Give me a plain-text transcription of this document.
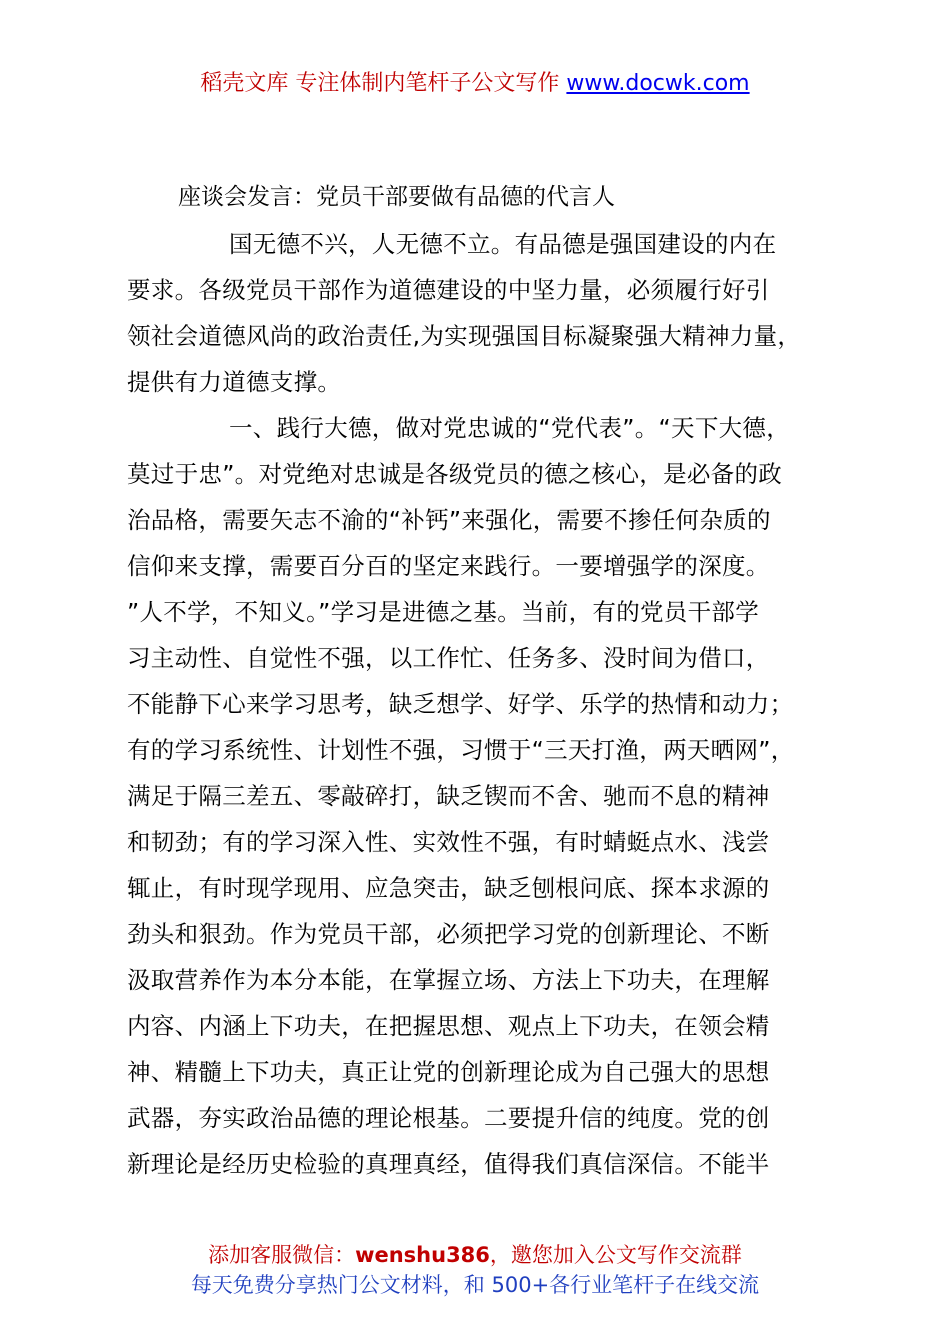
稻壳文库 专注体制内笔杆子公文写作 www.docwk.com
座谈会发言：党员干部要做有品德的代言人
国无德不兴，人无德不立。有品德是强国建设的内在
要求。各级党员干部作为道德建设的中坚力量，必须履行好引
领社会道德风尚的政治责任,为实现强国目标凝聚强大精神力量，
提供有力道德支撑。
一、践行大德，做对党忠诚的“党代表”。“天下大德，
莫过于忠”。对党绝对忠诚是各级党员的德之核心，是必备的政
治品格，需要矢志不渝的“补钙”来强化，需要不掺任何杂质的
信仰来支撑，需要百分百的坚定来践行。一要增强学的深度。
”人不学，不知义。”学习是进德之基。当前，有的党员干部学
习主动性、自觉性不强，以工作忙、任务多、没时间为借口，
不能静下心来学习思考，缺乏想学、好学、乐学的热情和动力；
有的学习系统性、计划性不强，习惯于“三天打渔，两天晒网”，
满足于隔三差五、零敲碎打，缺乏锲而不舍、驰而不息的精神
和韧劲；有的学习深入性、实效性不强，有时蜻蜓点水、浅尝
辄止，有时现学现用、应急突击，缺乏刨根问底、探本求源的
劲头和狠劲。作为党员干部，必须把学习党的创新理论、不断
汲取营养作为本分本能，在掌握立场、方法上下功夫，在理解
内容、内涵上下功夫，在把握思想、观点上下功夫，在领会精
神、精髓上下功夫，真正让党的创新理论成为自己强大的思想
武器，夯实政治品德的理论根基。二要提升信的纯度。党的创
新理论是经历史检验的真理真经，值得我们真信深信。不能半
添加客服微信：wenshu386，邀您加入公文写作交流群
每天免费分享热门公文材料，和 500+各行业笔杆子在线交流
